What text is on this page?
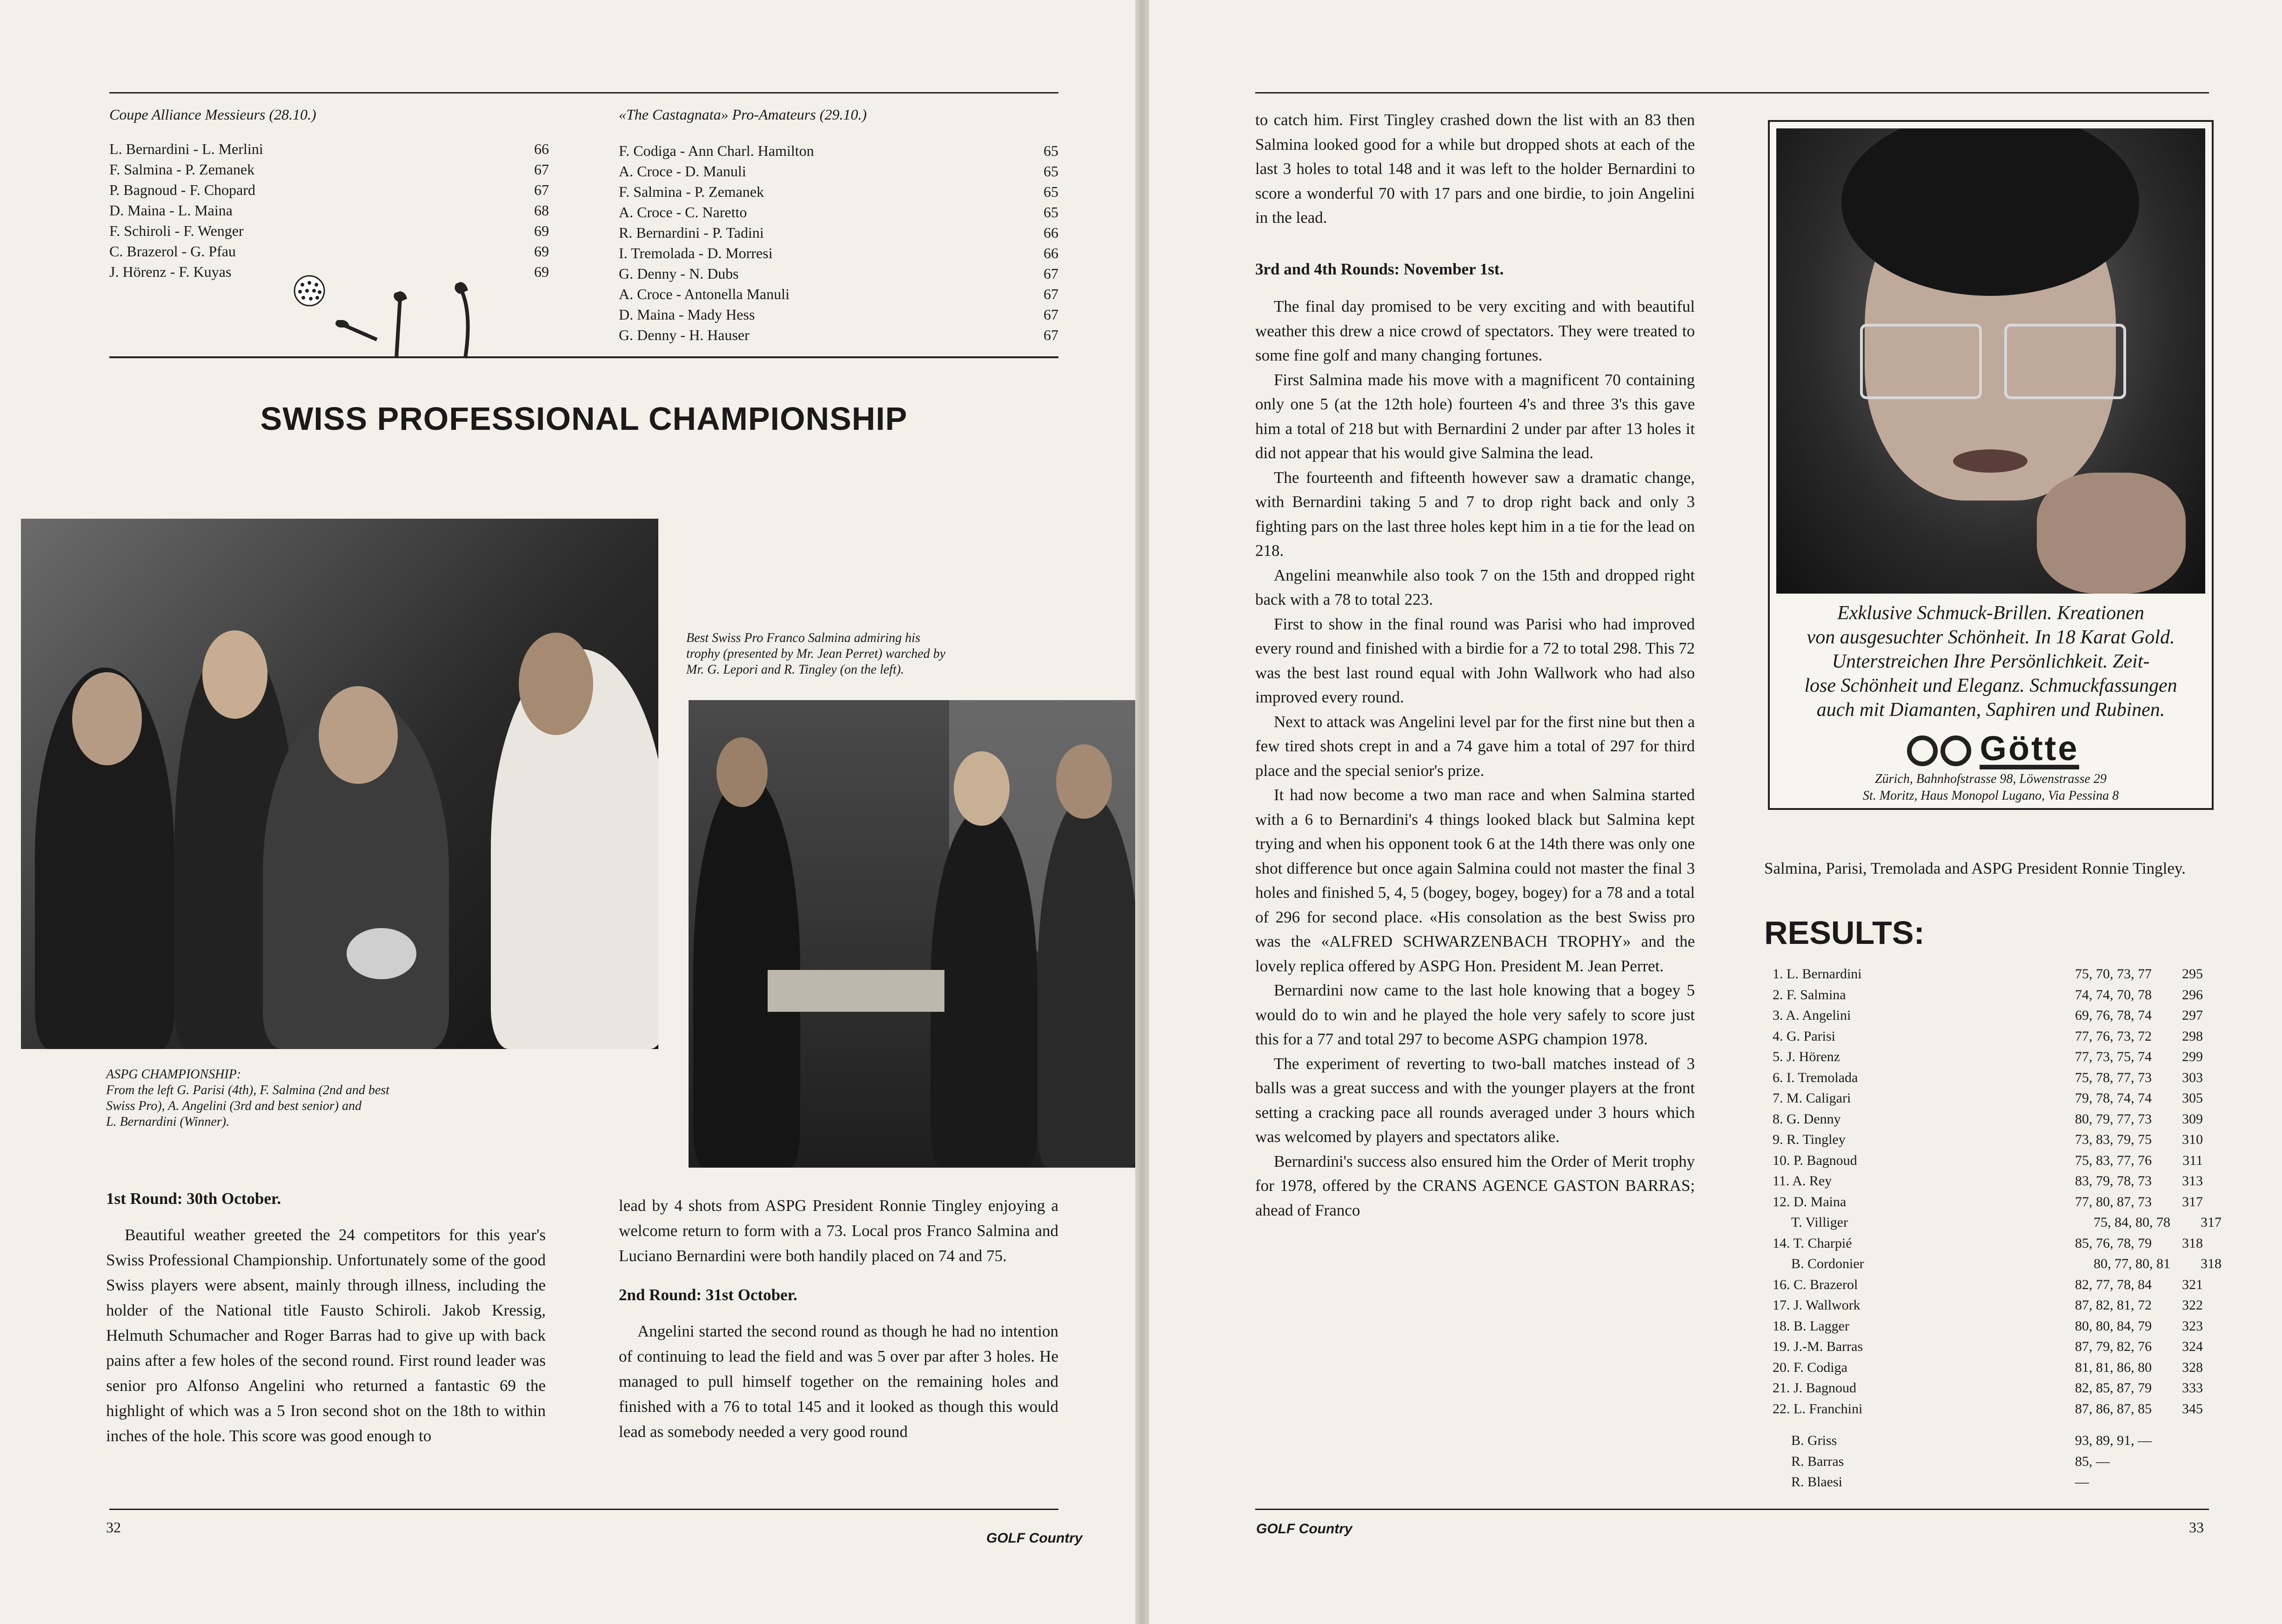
Coupe Alliance Messieurs (28.10.)
L. Bernardini - L. Merlini	66
F. Salmina - P. Zemanek	67
P. Bagnoud - F. Chopard	67
D. Maina - L. Maina	68
F. Schiroli - F. Wenger	69
C. Brazerol - G. Pfau	69
J. Hörenz - F. Kuyas	69
«The Castagnata» Pro-Amateurs (29.10.)
F. Codiga - Ann Charl. Hamilton	65
A. Croce - D. Manuli	65
F. Salmina - P. Zemanek	65
A. Croce - C. Naretto	65
R. Bernardini - P. Tadini	66
I. Tremolada - D. Morresi	66
G. Denny - N. Dubs	67
A. Croce - Antonella Manuli	67
D. Maina - Mady Hess	67
G. Denny - H. Hauser	67
SWISS PROFESSIONAL CHAMPIONSHIP
ASPG CHAMPIONSHIP:
From the left G. Parisi (4th), F. Salmina (2nd and best
Swiss Pro), A. Angelini (3rd and best senior) and
L. Bernardini (Winner).
Best Swiss Pro Franco Salmina admiring his
trophy (presented by Mr. Jean Perret) warched by
Mr. G. Lepori and R. Tingley (on the left).
1st Round: 30th October.

Beautiful weather greeted the 24 competitors for this year's Swiss Professional Championship. Unfortunately some of the good Swiss players were absent, mainly through illness, including the holder of the National title Fausto Schiroli. Jakob Kressig, Helmuth Schumacher and Roger Barras had to give up with back pains after a few holes of the second round. First round leader was senior pro Alfonso Angelini who returned a fantastic 69 the highlight of which was a 5 Iron second shot on the 18th to within inches of the hole. This score was good enough to

lead by 4 shots from ASPG President Ronnie Tingley enjoying a welcome return to form with a 73. Local pros Franco Salmina and Luciano Bernardini were both handily placed on 74 and 75.

2nd Round: 31st October.

Angelini started the second round as though he had no intention of continuing to lead the field and was 5 over par after 3 holes. He managed to pull himself together on the remaining holes and finished with a 76 to total 145 and it looked as though this would lead as somebody needed a very good round

32
GOLF Country

to catch him. First Tingley crashed down the list with an 83 then Salmina looked good for a while but dropped shots at each of the last 3 holes to total 148 and it was left to the holder Bernardini to score a wonderful 70 with 17 pars and one birdie, to join Angelini in the lead.

3rd and 4th Rounds: November 1st.

The final day promised to be very exciting and with beautiful weather this drew a nice crowd of spectators. They were treated to some fine golf and many changing fortunes.

First Salmina made his move with a magnificent 70 containing only one 5 (at the 12th hole) fourteen 4's and three 3's this gave him a total of 218 but with Bernardini 2 under par after 13 holes it did not appear that his would give Salmina the lead.

The fourteenth and fifteenth however saw a dramatic change, with Bernardini taking 5 and 7 to drop right back and only 3 fighting pars on the last three holes kept him in a tie for the lead on 218.

Angelini meanwhile also took 7 on the 15th and dropped right back with a 78 to total 223.

First to show in the final round was Parisi who had improved every round and finished with a birdie for a 72 to total 298. This 72 was the best last round equal with John Wallwork who had also improved every round.

Next to attack was Angelini level par for the first nine but then a few tired shots crept in and a 74 gave him a total of 297 for third place and the special senior's prize.

It had now become a two man race and when Salmina started with a 6 to Bernardini's 4 things looked black but Salmina kept trying and when his opponent took 6 at the 14th there was only one shot difference but once again Salmina could not master the final 3 holes and finished 5, 4, 5 (bogey, bogey, bogey) for a 78 and a total of 296 for second place. «His consolation as the best Swiss pro was the «ALFRED SCHWARZENBACH TROPHY» and the lovely replica offered by ASPG Hon. President M. Jean Perret.

Bernardini now came to the last hole knowing that a bogey 5 would do to win and he played the hole very safely to score just this for a 77 and total 297 to become ASPG champion 1978.

The experiment of reverting to two-ball matches instead of 3 balls was a great success and with the younger players at the front setting a cracking pace all rounds averaged under 3 hours which was welcomed by players and spectators alike.

Bernardini's success also ensured him the Order of Merit trophy for 1978, offered by the CRANS AGENCE GASTON BARRAS; ahead of Franco

Exklusive Schmuck-Brillen. Kreationen
von ausgesuchter Schönheit. In 18 Karat Gold.
Unterstreichen Ihre Persönlichkeit. Zeit-
lose Schönheit und Eleganz. Schmuckfassungen
auch mit Diamanten, Saphiren und Rubinen.
Götte
Zürich, Bahnhofstrasse 98, Löwenstrasse 29
St. Moritz, Haus Monopol Lugano, Via Pessina 8
Salmina, Parisi, Tremolada and ASPG President Ronnie Tingley.
RESULTS:
1. L. Bernardini	75, 70, 73, 77	295
2. F. Salmina	74, 74, 70, 78	296
3. A. Angelini	69, 76, 78, 74	297
4. G. Parisi	77, 76, 73, 72	298
5. J. Hörenz	77, 73, 75, 74	299
6. I. Tremolada	75, 78, 77, 73	303
7. M. Caligari	79, 78, 74, 74	305
8. G. Denny	80, 79, 77, 73	309
9. R. Tingley	73, 83, 79, 75	310
10. P. Bagnoud	75, 83, 77, 76	311
11. A. Rey	83, 79, 78, 73	313
12. D. Maina	77, 80, 87, 73	317
T. Villiger	75, 84, 80, 78	317
14. T. Charpié	85, 76, 78, 79	318
B. Cordonier	80, 77, 80, 81	318
16. C. Brazerol	82, 77, 78, 84	321
17. J. Wallwork	87, 82, 81, 72	322
18. B. Lagger	80, 80, 84, 79	323
19. J.-M. Barras	87, 79, 82, 76	324
20. F. Codiga	81, 81, 86, 80	328
21. J. Bagnoud	82, 85, 87, 79	333
22. L. Franchini	87, 86, 87, 85	345
B. Griss	93, 89, 91, —
R. Barras	85, —
R. Blaesi	—
GOLF Country	33
